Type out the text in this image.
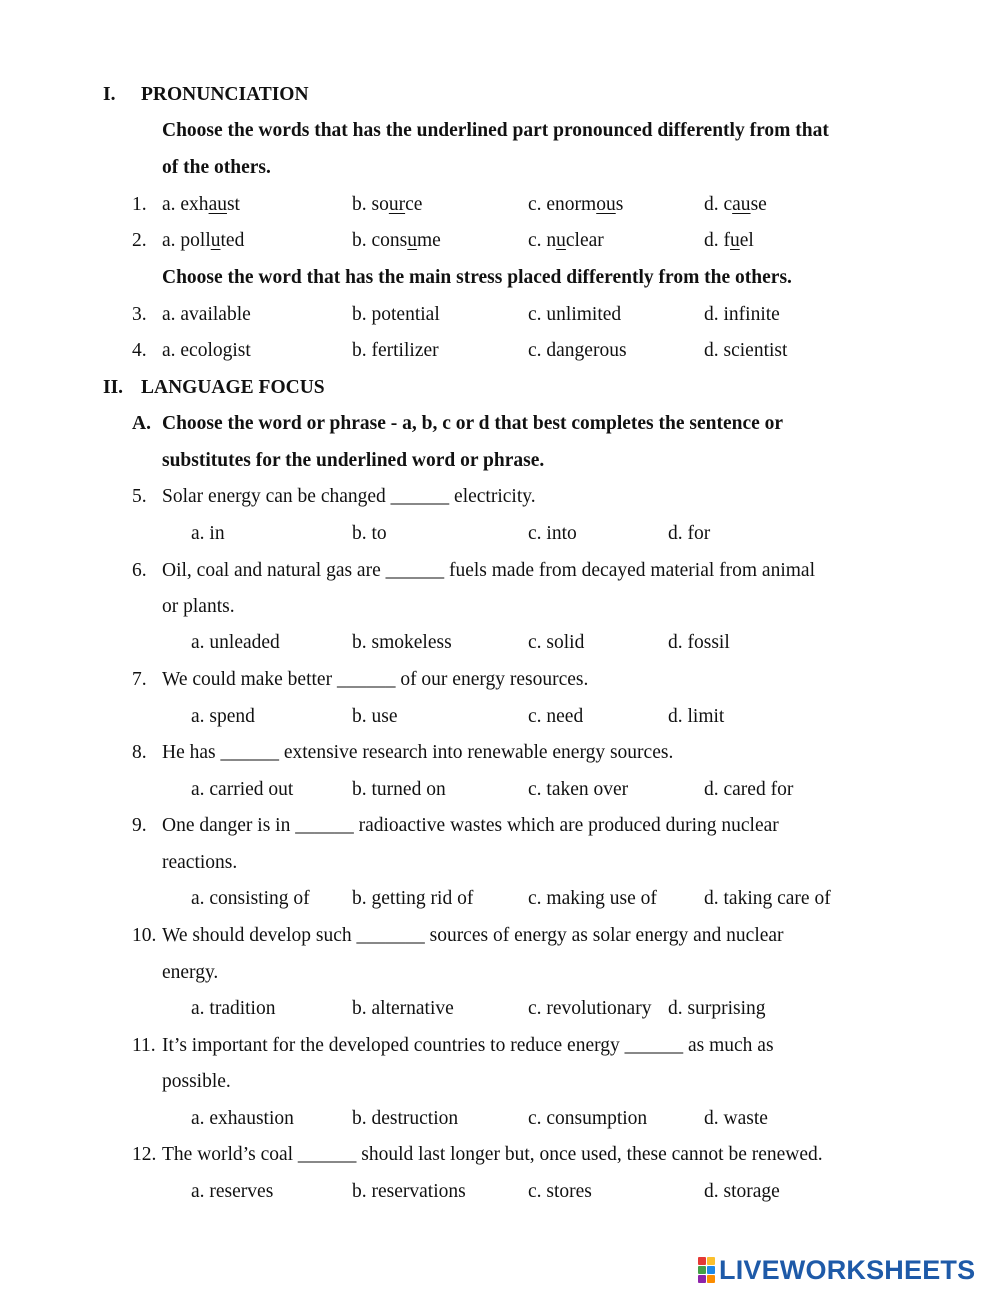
I. PRONUNCIATION
Choose the words that has the underlined part pronounced differently from that
of the others.
1. a. exhaust	b. source	c. enormous	d. cause
2. a. polluted	b. consume	c. nuclear	d. fuel
Choose the word that has the main stress placed differently from the others.
3. a. available	b. potential	c. unlimited	d. infinite
4. a. ecologist	b. fertilizer	c. dangerous	d. scientist
II. LANGUAGE FOCUS
A. Choose the word or phrase - a, b, c or d that best completes the sentence or
substitutes for the underlined word or phrase.
5. Solar energy can be changed ______ electricity.
a. in	b. to	c. into	d. for
6. Oil, coal and natural gas are ______ fuels made from decayed material from animal
or plants.
a. unleaded	b. smokeless	c. solid	d. fossil
7. We could make better ______ of our energy resources.
a. spend	b. use	c. need	d. limit
8. He has ______ extensive research into renewable energy sources.
a. carried out	b. turned on	c. taken over	d. cared for
9. One danger is in ______ radioactive wastes which are produced during nuclear
reactions.
a. consisting of b. getting rid of	c. making use of d. taking care of
10. We should develop such _______ sources of energy as solar energy and nuclear
energy.
a. tradition	b. alternative	c. revolutionary d. surprising
11. It’s important for the developed countries to reduce energy ______ as much as
possible.
a. exhaustion	b. destruction	c. consumption	d. waste
12. The world’s coal ______ should last longer but, once used, these cannot be renewed.
a. reserves	b. reservations	c. stores	d. storage
LIVEWORKSHEETS
